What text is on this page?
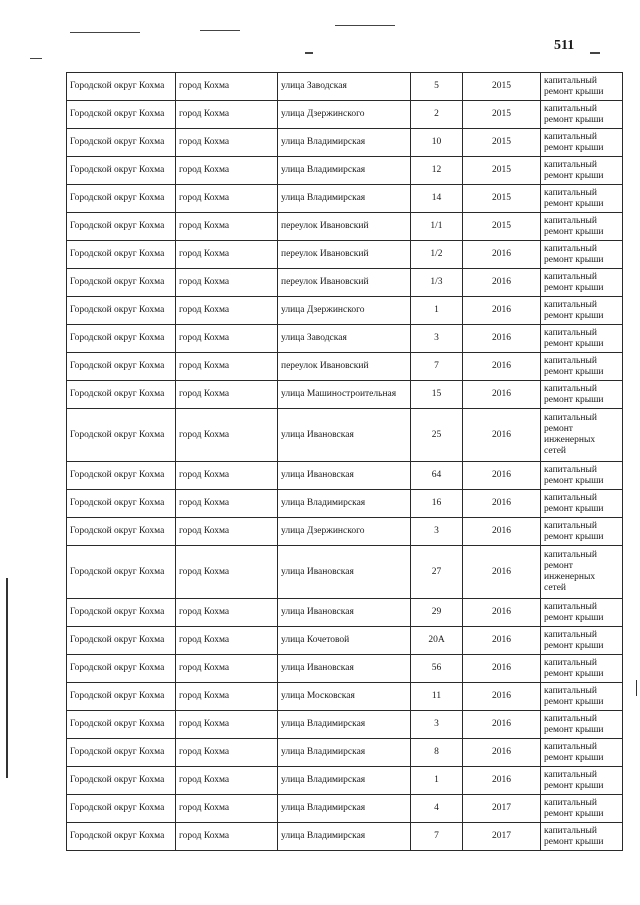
511
Городской округ Кохма	город Кохма	улица Заводская	5	2015	капитальный ремонт крыши
Городской округ Кохма	город Кохма	улица Дзержинского	2	2015	капитальный ремонт крыши
Городской округ Кохма	город Кохма	улица Владимирская	10	2015	капитальный ремонт крыши
Городской округ Кохма	город Кохма	улица Владимирская	12	2015	капитальный ремонт крыши
Городской округ Кохма	город Кохма	улица Владимирская	14	2015	капитальный ремонт крыши
Городской округ Кохма	город Кохма	переулок Ивановский	1/1	2015	капитальный ремонт крыши
Городской округ Кохма	город Кохма	переулок Ивановский	1/2	2016	капитальный ремонт крыши
Городской округ Кохма	город Кохма	переулок Ивановский	1/3	2016	капитальный ремонт крыши
Городской округ Кохма	город Кохма	улица Дзержинского	1	2016	капитальный ремонт крыши
Городской округ Кохма	город Кохма	улица Заводская	3	2016	капитальный ремонт крыши
Городской округ Кохма	город Кохма	переулок Ивановский	7	2016	капитальный ремонт крыши
Городской округ Кохма	город Кохма	улица Машиностроительная	15	2016	капитальный ремонт крыши
Городской округ Кохма	город Кохма	улица Ивановская	25	2016	капитальный ремонт инженерных сетей
Городской округ Кохма	город Кохма	улица Ивановская	64	2016	капитальный ремонт крыши
Городской округ Кохма	город Кохма	улица Владимирская	16	2016	капитальный ремонт крыши
Городской округ Кохма	город Кохма	улица Дзержинского	3	2016	капитальный ремонт крыши
Городской округ Кохма	город Кохма	улица Ивановская	27	2016	капитальный ремонт инженерных сетей
Городской округ Кохма	город Кохма	улица Ивановская	29	2016	капитальный ремонт крыши
Городской округ Кохма	город Кохма	улица Кочетовой	20А	2016	капитальный ремонт крыши
Городской округ Кохма	город Кохма	улица Ивановская	56	2016	капитальный ремонт крыши
Городской округ Кохма	город Кохма	улица Московская	11	2016	капитальный ремонт крыши
Городской округ Кохма	город Кохма	улица Владимирская	3	2016	капитальный ремонт крыши
Городской округ Кохма	город Кохма	улица Владимирская	8	2016	капитальный ремонт крыши
Городской округ Кохма	город Кохма	улица Владимирская	1	2016	капитальный ремонт крыши
Городской округ Кохма	город Кохма	улица Владимирская	4	2017	капитальный ремонт крыши
Городской округ Кохма	город Кохма	улица Владимирская	7	2017	капитальный ремонт крыши
